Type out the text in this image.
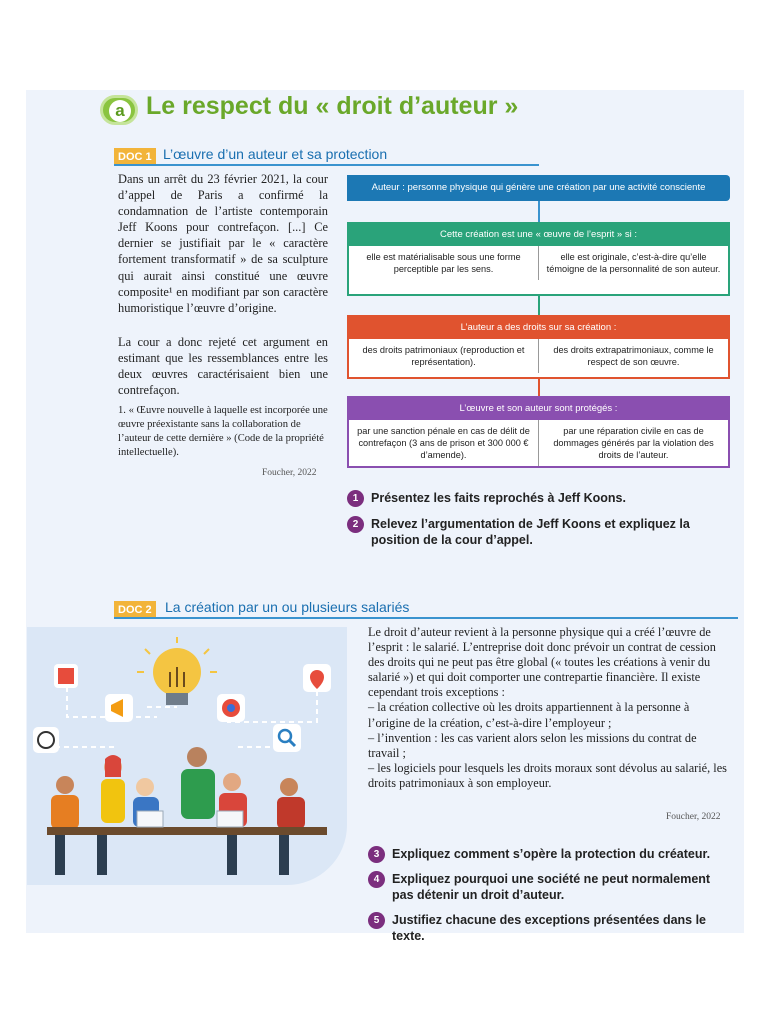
a Le respect du « droit d’auteur »
DOC 1 L’œuvre d’un auteur et sa protection
Dans un arrêt du 23 février 2021, la cour d’appel de Paris a confirmé la condamnation de l’artiste contemporain Jeff Koons pour contrefaçon. [...] Ce dernier se justifiait par le « caractère fortement transformatif » de sa sculpture qui aurait ainsi constitué une œuvre composite¹ en modifiant par son caractère humoristique l’œuvre d’origine.
La cour a donc rejeté cet argument en estimant que les ressemblances entre les deux œuvres caractérisaient bien une contrefaçon.
1. « Œuvre nouvelle à laquelle est incorporée une œuvre préexistante sans la collaboration de l’auteur de cette dernière » (Code de la propriété intellectuelle).
Foucher, 2022
Auteur : personne physique qui génère une création par une activité consciente
Cette création est une « œuvre de l’esprit » si :
elle est matérialisable sous une forme perceptible par les sens.
elle est originale, c’est-à-dire qu’elle témoigne de la personnalité de son auteur.
L’auteur a des droits sur sa création :
des droits patrimoniaux (reproduction et représentation).
des droits extrapatrimoniaux, comme le respect de son œuvre.
L’œuvre et son auteur sont protégés :
par une sanction pénale en cas de délit de contrefaçon (3 ans de prison et 300 000 € d’amende).
par une réparation civile en cas de dommages générés par la violation des droits de l’auteur.
1	Présentez les faits reprochés à Jeff Koons.
2	Relevez l’argumentation de Jeff Koons et expliquez la position de la cour d’appel.
DOC 2 La création par un ou plusieurs salariés
Le droit d’auteur revient à la personne physique qui a créé l’œuvre de l’esprit : le salarié. L’entreprise doit donc prévoir un contrat de cession des droits qui ne peut pas être global (« toutes les créations à venir du salarié ») et qui doit comporter une contrepartie financière. Il existe cependant trois exceptions :
– la création collective où les droits appartiennent à la personne à l’origine de la création, c’est-à-dire l’employeur ;
– l’invention : les cas varient alors selon les missions du contrat de travail ;
– les logiciels pour lesquels les droits moraux sont dévolus au salarié, les droits patrimoniaux à son employeur.
Foucher, 2022
3	Expliquez comment s’opère la protection du créateur.
4	Expliquez pourquoi une société ne peut normalement pas détenir un droit d’auteur.
5	Justifiez chacune des exceptions présentées dans le texte.
